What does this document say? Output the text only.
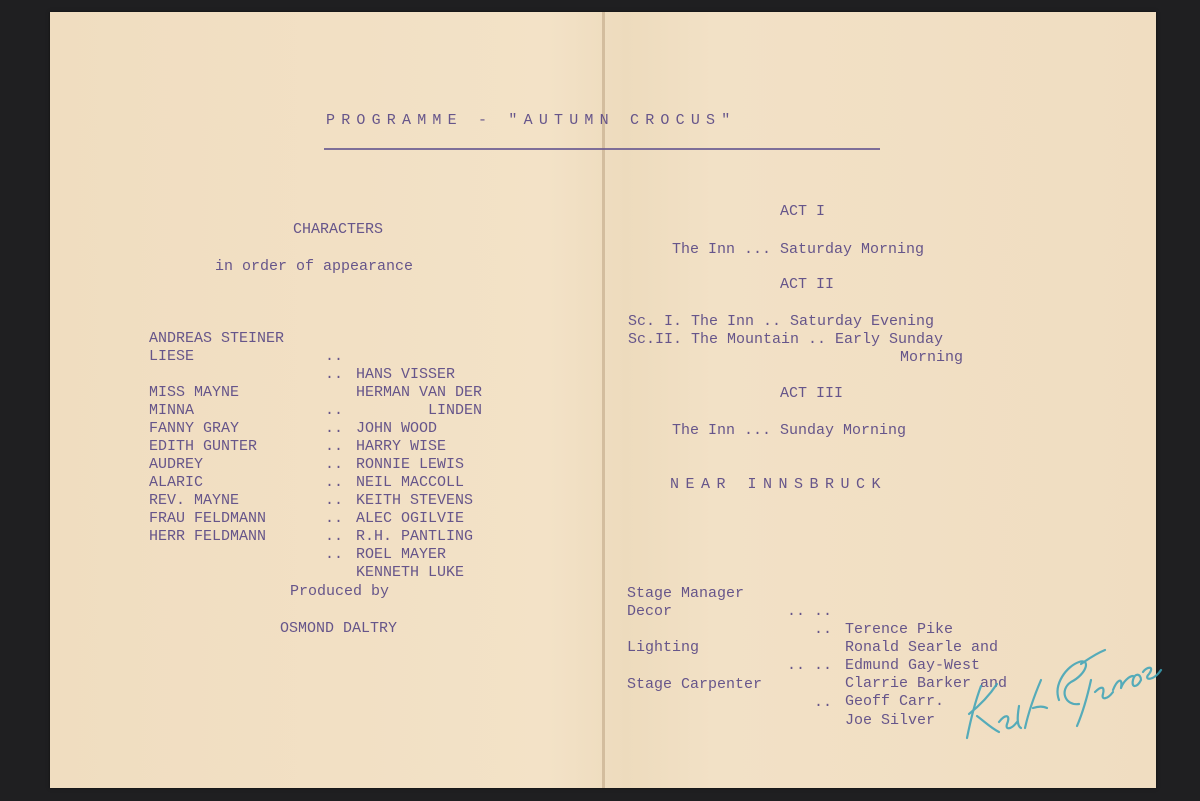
PROGRAMME - "AUTUMN CROCUS"
CHARACTERS
in order of appearance

ANDREAS STEINER

..

HANS VISSER

LIESE

..

HERMAN VAN DER

LINDEN

MISS MAYNE

..

JOHN WOOD

MINNA

..

HARRY WISE

FANNY GRAY

..

RONNIE LEWIS

EDITH GUNTER

..

NEIL MACCOLL

AUDREY

..

KEITH STEVENS

ALARIC

..

ALEC OGILVIE

REV. MAYNE

..

R.H. PANTLING

FRAU FELDMANN

..

ROEL MAYER

HERR FELDMANN

..

KENNETH LUKE

Produced by
OSMOND DALTRY
ACT I
The Inn ... Saturday Morning
ACT II
Sc. I. The Inn .. Saturday Evening
Sc.II. The Mountain .. Early Sunday
Morning
ACT III
The Inn ... Sunday Morning
NEAR INNSBRUCK

Stage Manager

.. ..

Terence Pike

Decor

..

Ronald Searle and

Edmund Gay-West

Lighting

.. ..

Clarrie Barker and

Geoff Carr.

Stage Carpenter

..

Joe Silver
